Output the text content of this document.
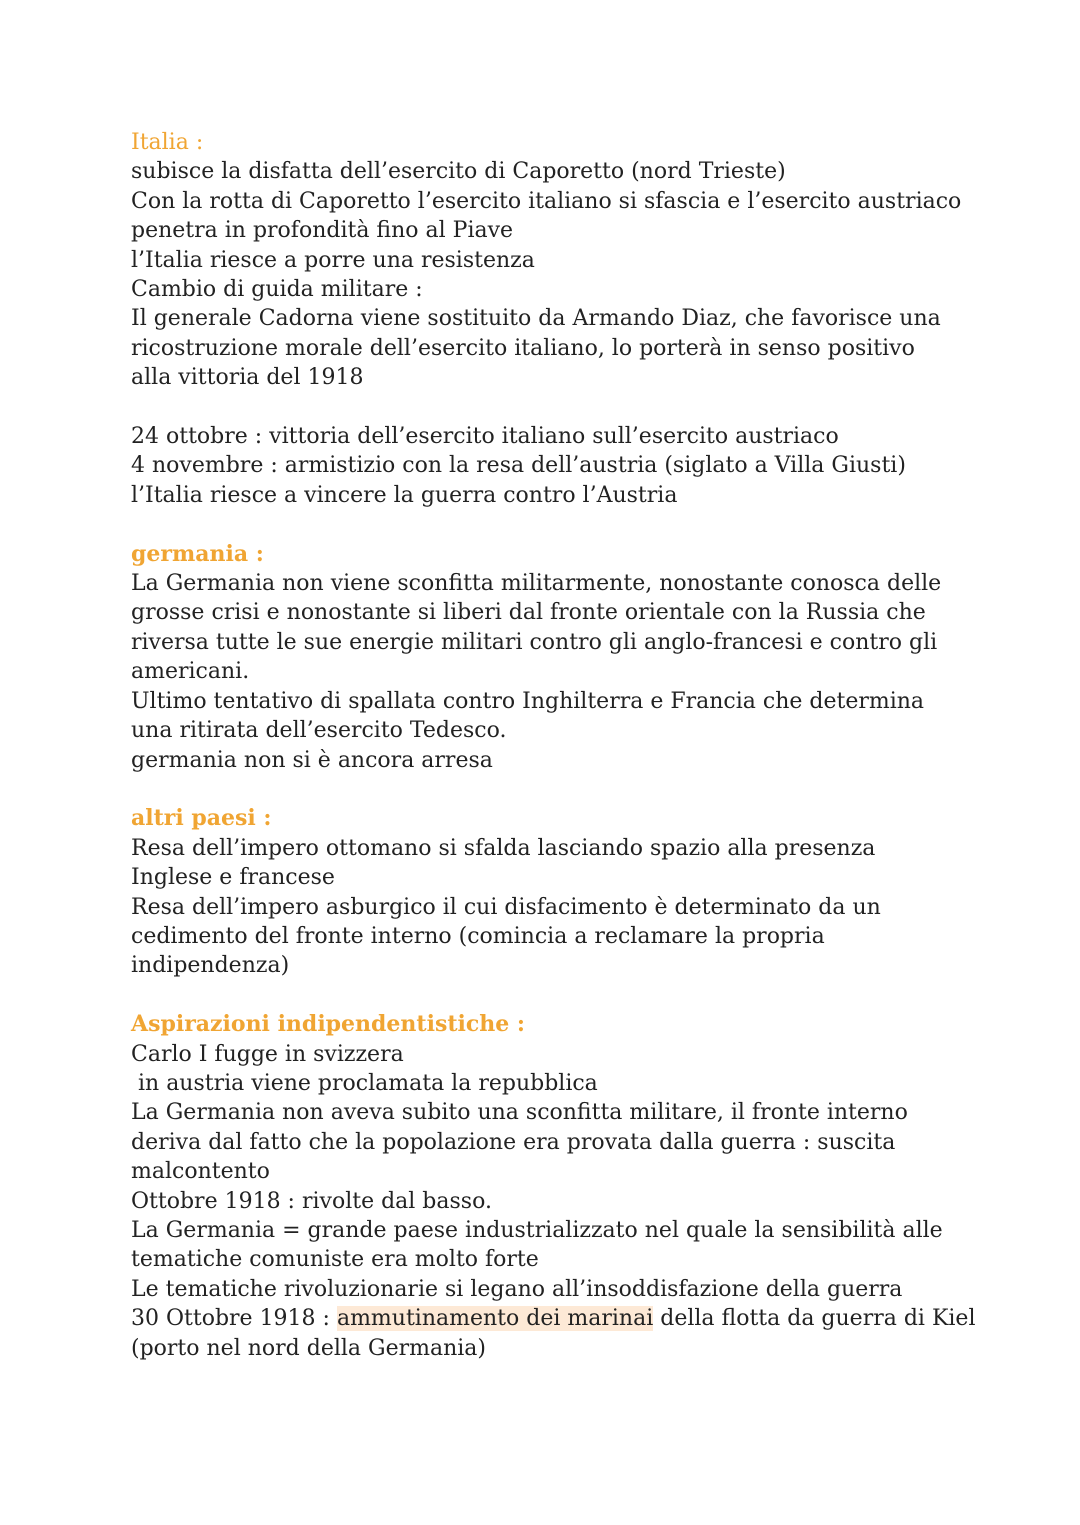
Italia :
subisce la disfatta dell’esercito di Caporetto (nord Trieste)
Con la rotta di Caporetto l’esercito italiano si sfascia e l’esercito austriaco
penetra in profondità fino al Piave
l’Italia riesce a porre una resistenza
Cambio di guida militare :
Il generale Cadorna viene sostituito da Armando Diaz, che favorisce una
ricostruzione morale dell’esercito italiano, lo porterà in senso positivo
alla vittoria del 1918
24 ottobre : vittoria dell’esercito italiano sull’esercito austriaco
4 novembre : armistizio con la resa dell’austria (siglato a Villa Giusti)
l’Italia riesce a vincere la guerra contro l’Austria
germania :
La Germania non viene sconfitta militarmente, nonostante conosca delle
grosse crisi e nonostante si liberi dal fronte orientale con la Russia che
riversa tutte le sue energie militari contro gli anglo-francesi e contro gli
americani.
Ultimo tentativo di spallata contro Inghilterra e Francia che determina
una ritirata dell’esercito Tedesco.
germania non si è ancora arresa
altri paesi :
Resa dell’impero ottomano si sfalda lasciando spazio alla presenza
Inglese e francese
Resa dell’impero asburgico il cui disfacimento è determinato da un
cedimento del fronte interno (comincia a reclamare la propria
indipendenza)
Aspirazioni indipendentistiche :
Carlo I fugge in svizzera
in austria viene proclamata la repubblica
La Germania non aveva subito una sconfitta militare, il fronte interno
deriva dal fatto che la popolazione era provata dalla guerra : suscita
malcontento
Ottobre 1918 : rivolte dal basso.
La Germania = grande paese industrializzato nel quale la sensibilità alle
tematiche comuniste era molto forte
Le tematiche rivoluzionarie si legano all’insoddisfazione della guerra
30 Ottobre 1918 : ammutinamento dei marinai della flotta da guerra di Kiel
(porto nel nord della Germania)
